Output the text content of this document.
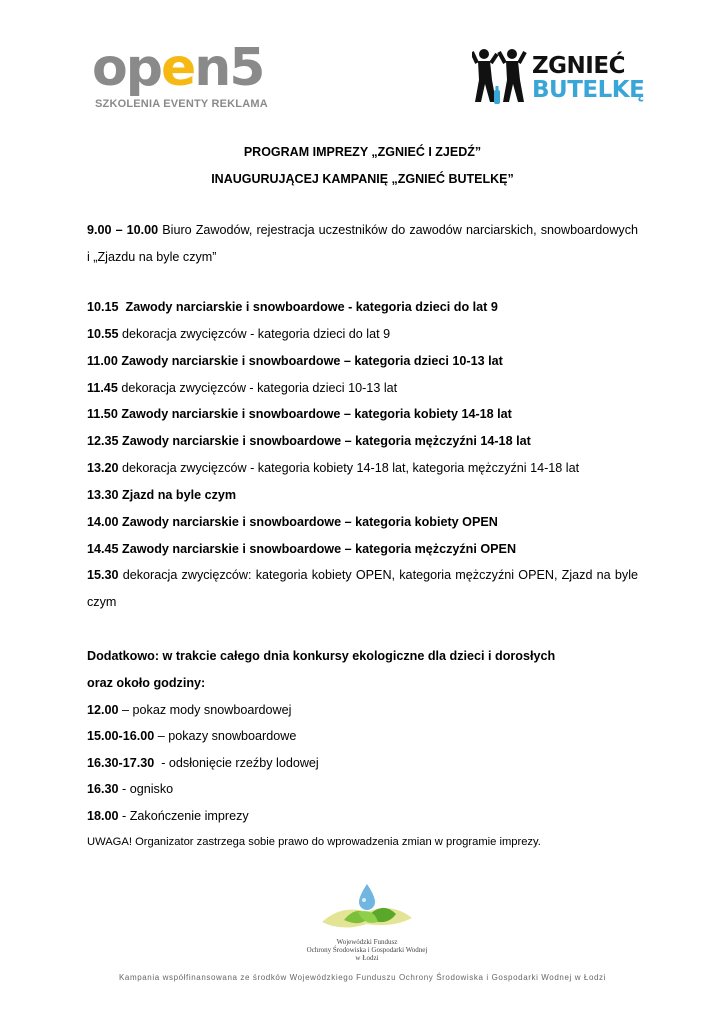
open5
SZKOLENIA EVENTY REKLAMA
ZGNIEĆ
BUTELKĘ
PROGRAM IMPREZY „ZGNIEĆ I ZJEDŹ”
INAUGURUJĄCEJ KAMPANIĘ „ZGNIEĆ BUTELKĘ”
9.00 – 10.00 Biuro Zawodów, rejestracja uczestników do zawodów narciarskich, snowboardowych i „Zjazdu na byle czym”
10.15 Zawody narciarskie i snowboardowe - kategoria dzieci do lat 9
10.55 dekoracja zwycięzców - kategoria dzieci do lat 9
11.00 Zawody narciarskie i snowboardowe – kategoria dzieci 10-13 lat
11.45 dekoracja zwycięzców - kategoria dzieci 10-13 lat
11.50 Zawody narciarskie i snowboardowe – kategoria kobiety 14-18 lat
12.35 Zawody narciarskie i snowboardowe – kategoria mężczyźni 14-18 lat
13.20 dekoracja zwycięzców - kategoria kobiety 14-18 lat, kategoria mężczyźni 14-18 lat
13.30 Zjazd na byle czym
14.00 Zawody narciarskie i snowboardowe – kategoria kobiety OPEN
14.45 Zawody narciarskie i snowboardowe – kategoria mężczyźni OPEN
15.30 dekoracja zwycięzców: kategoria kobiety OPEN, kategoria mężczyźni OPEN, Zjazd na byle czym
Dodatkowo: w trakcie całego dnia konkursy ekologiczne dla dzieci i dorosłych
oraz około godziny:
12.00 – pokaz mody snowboardowej
15.00-16.00 – pokazy snowboardowe
16.30-17.30  - odsłonięcie rzeźby lodowej
16.30 - ognisko
18.00 - Zakończenie imprezy
UWAGA! Organizator zastrzega sobie prawo do wprowadzenia zmian w programie imprezy.
Wojewódzki Fundusz
Ochrony Środowiska i Gospodarki Wodnej
w Łodzi
Kampania współfinansowana ze środków Wojewódzkiego Funduszu Ochrony Środowiska i Gospodarki Wodnej w Łodzi
